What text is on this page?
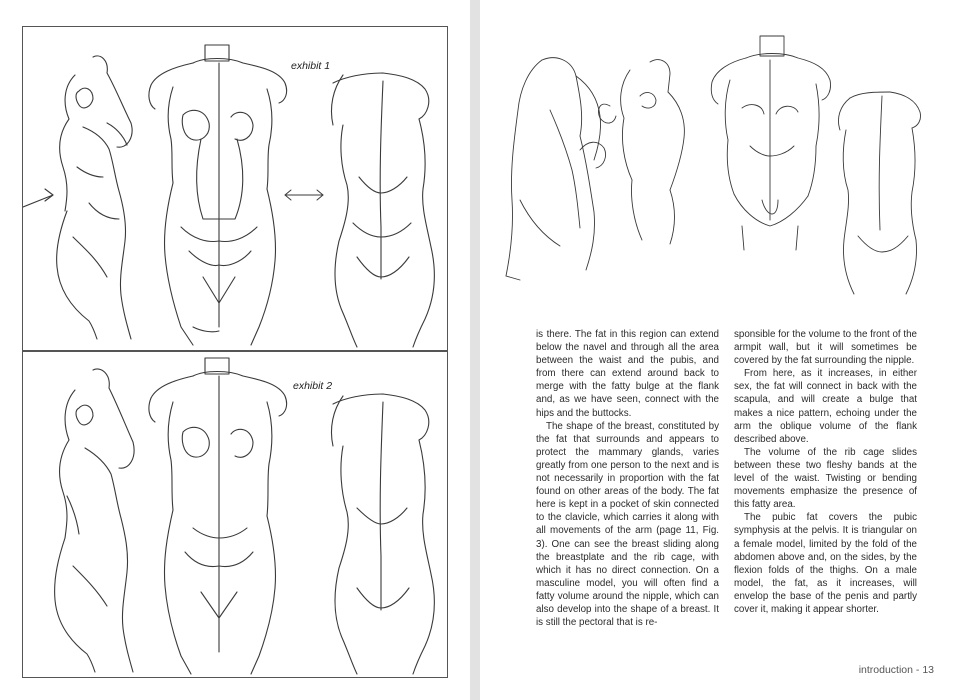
exhibit 1
exhibit 2

is there. The fat in this region can extend below the navel and through all the area between the waist and the pubis, and from there can extend around back to merge with the fatty bulge at the flank and, as we have seen, connect with the hips and the buttocks.

The shape of the breast, constituted by the fat that surrounds and appears to protect the mammary glands, varies greatly from one person to the next and is not necessarily in proportion with the fat found on other areas of the body. The fat here is kept in a pocket of skin connected to the clavicle, which carries it along with all movements of the arm (page 11, Fig. 3). One can see the breast sliding along the breastplate and the rib cage, with which it has no direct connection. On a masculine model, you will often find a fatty volume around the nipple, which can also develop into the shape of a breast. It is still the pectoral that is re-

sponsible for the volume to the front of the armpit wall, but it will sometimes be covered by the fat surrounding the nipple.

From here, as it increases, in either sex, the fat will connect in back with the scapula, and will create a bulge that makes a nice pattern, echoing under the arm the oblique volume of the flank described above.

The volume of the rib cage slides between these two fleshy bands at the level of the waist. Twisting or bending movements emphasize the presence of this fatty area.

The pubic fat covers the pubic symphysis at the pelvis. It is triangular on a female model, limited by the fold of the abdomen above and, on the sides, by the flexion folds of the thighs. On a male model, the fat, as it increases, will envelop the base of the penis and partly cover it, making it appear shorter.

introduction - 13
